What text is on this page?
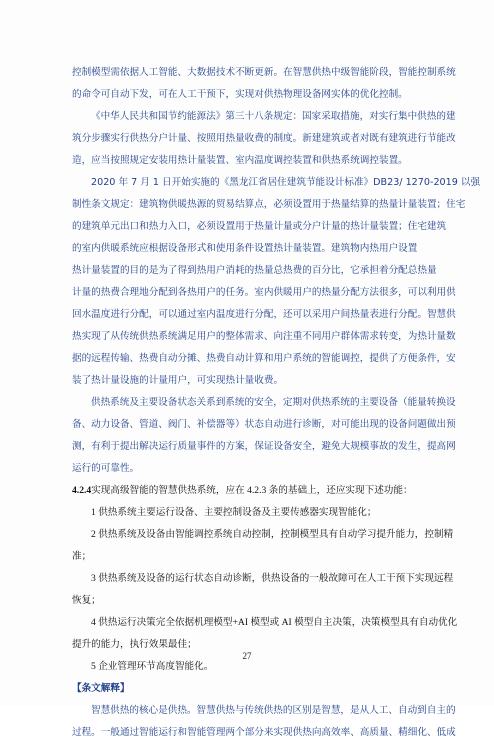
控制模型需依据人工智能、大数据技术不断更新。在智慧供热中级智能阶段，智能控制系统

的命令可自动下发，可在人工干预下，实现对供热物理设备网实体的优化控制。

《中华人民共和国节约能源法》第三十八条规定：国家采取措施，对实行集中供热的建

筑分步骤实行供热分户计量、按照用热量收费的制度。新建建筑或者对既有建筑进行节能改

造，应当按照规定安装用热计量装置、室内温度调控装置和供热系统调控装置。

2020 年 7 月 1 日开始实施的《黑龙江省居住建筑节能设计标准》DB23/ 1270-2019 以强

制性条文规定：建筑物供暖热源的贸易结算点，必须设置用于热量结算的热量计量装置；住宅

的建筑单元出口和热力入口，必须设置用于热量计量或分户计量的热计量装置；住宅建筑

的室内供暖系统应根据设备形式和使用条件设置热计量装置。建筑物内热用户设置

热计量装置的目的是为了得到热用户消耗的热量总热费的百分比，它承担着分配总热量

计量的热费合理地分配到各热用户的任务。室内供暖用户的热量分配方法很多，可以利用供

回水温度进行分配，可以通过室内温度进行分配，还可以采用户间热量表进行分配。智慧供

热实现了从传统供热系统满足用户的整体需求、向注重不同用户群体需求转变，为热计量数

据的远程传输、热费自动分摊、热费自动计算和用户系统的智能调控，提供了方便条件，安

装了热计量设施的计量用户，可实现热计量收费。

供热系统及主要设备状态关系到系统的安全，定期对供热系统的主要设备（能量转换设

备、动力设备、管道、阀门、补偿器等）状态自动进行诊断，对可能出现的设备问题做出预

测，有利于提出解决运行质量事件的方案，保证设备安全，避免大规模事故的发生，提高网

运行的可靠性。

4.2.4实现高级智能的智慧供热系统，应在 4.2.3 条的基础上，还应实现下述功能：

1 供热系统主要运行设备、主要控制设备及主要传感器实现智能化；

2 供热系统及设备由智能调控系统自动控制，控制模型具有自动学习提升能力，控制精

准；

3 供热系统及设备的运行状态自动诊断，供热设备的一般故障可在人工干预下实现远程

恢复；

4 供热运行决策完全依据机理模型+AI 模型或 AI 模型自主决策，决策模型具有自动优化

提升的能力，执行效果最佳；

5 企业管理环节高度智能化。

【条文解释】

智慧供热的核心是供热。智慧供热与传统供热的区别是智慧，是从人工、自动到自主的

过程。一般通过智能运行和智能管理两个部分来实现供热向高效率、高质量、精细化、低成

27
